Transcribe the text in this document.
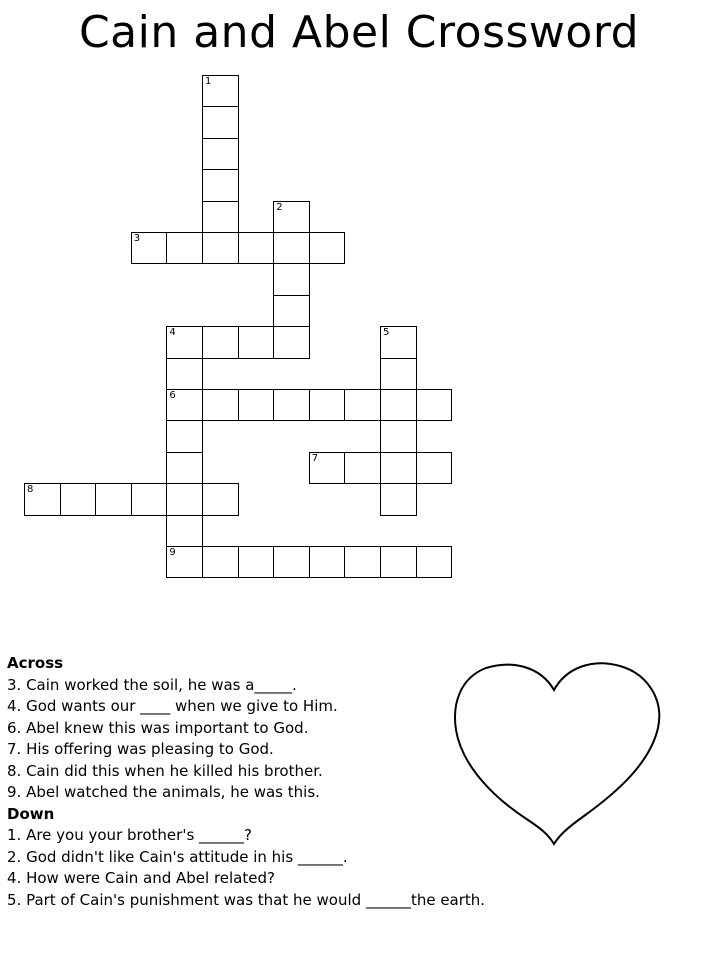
Cain and Abel Crossword
1
2
3
4
6
9
5
7
8
Across
3. Cain worked the soil, he was a_____.
4. God wants our ____ when we give to Him.
6. Abel knew this was important to God.
7. His offering was pleasing to God.
8. Cain did this when he killed his brother.
9. Abel watched the animals, he was this.
Down
1. Are you your brother's ______?
2. God didn't like Cain's attitude in his ______.
4. How were Cain and Abel related?
5. Part of Cain's punishment was that he would ______the earth.
